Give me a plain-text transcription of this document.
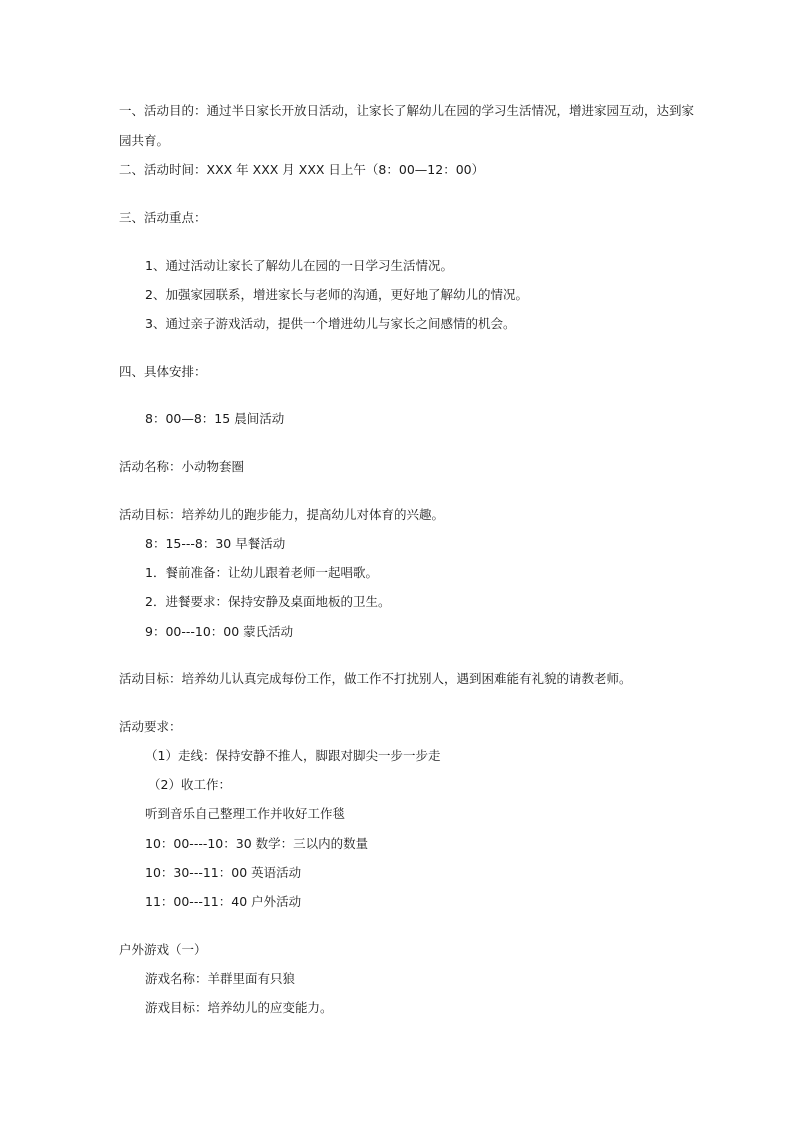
一、活动目的：通过半日家长开放日活动，让家长了解幼儿在园的学习生活情况，增进家园互动，达到家
园共育。
二、活动时间：XXX 年 XXX 月 XXX 日上午（8：00—12：00）
三、活动重点：
1、通过活动让家长了解幼儿在园的一日学习生活情况。
2、加强家园联系，增进家长与老师的沟通，更好地了解幼儿的情况。
3、通过亲子游戏活动，提供一个增进幼儿与家长之间感情的机会。
四、具体安排：
8：00—8：15 晨间活动
活动名称：小动物套圈
活动目标：培养幼儿的跑步能力，提高幼儿对体育的兴趣。
8：15---8：30 早餐活动
1．餐前准备：让幼儿跟着老师一起唱歌。
2．进餐要求：保持安静及桌面地板的卫生。
9：00---10：00 蒙氏活动
活动目标：培养幼儿认真完成每份工作，做工作不打扰别人，遇到困难能有礼貌的请教老师。
活动要求：
（1）走线：保持安静不推人，脚跟对脚尖一步一步走
（2）收工作：
听到音乐自己整理工作并收好工作毯
10：00----10：30 数学：三以内的数量
10：30---11：00 英语活动
11：00---11：40 户外活动
户外游戏（一）
游戏名称：羊群里面有只狼
游戏目标：培养幼儿的应变能力。
